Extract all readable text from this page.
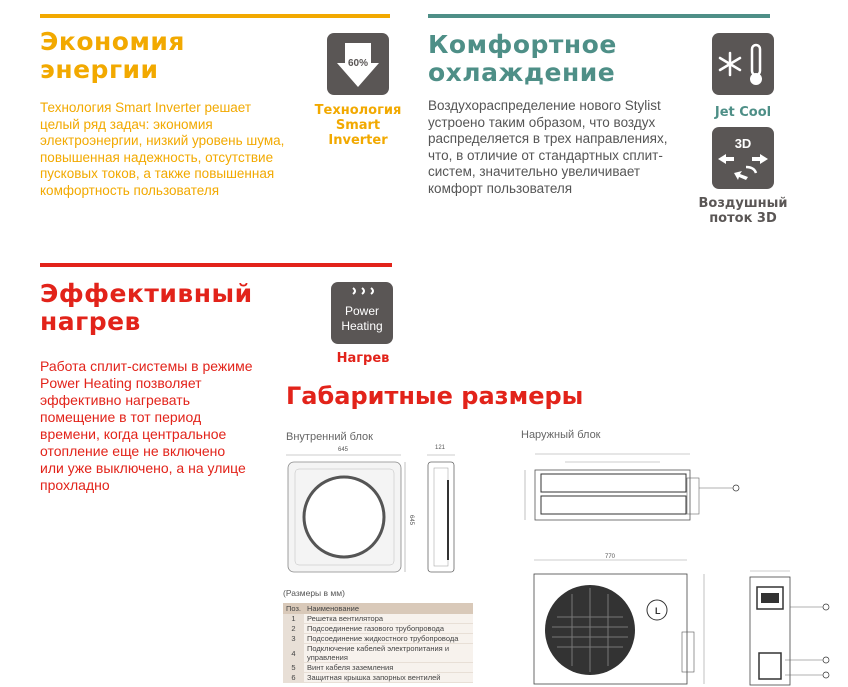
Экономия
энергии
Технология Smart Inverter решает
целый ряд задач: экономия
электроэнергии, низкий уровень шума,
повышенная надежность, отсутствие
пусковых токов, а также повышенная
комфортность пользователя
60%
Технология
Smart
Inverter
Комфортное
охлаждение
Воздухораспределение нового Stylist
устроено таким образом, что воздух
распределяется в трех направлениях,
что, в отличие от стандартных сплит-
систем, значительно увеличивает
комфорт пользователя
Jet Cool
3D
Воздушный
поток 3D
Эффективный
нагрев
Работа сплит-системы в режиме
Power Heating позволяет
эффективно нагревать
помещение в тот период
времени, когда центральное
отопление еще не включено
или уже выключено, а на улице
прохладно
Power
Heating
Нагрев
Габаритные размеры
Внутренний блок	Наружный блок
645
645
121
770
L
(Размеры в мм)
Поз.	Наименование
1	Решетка вентилятора
2	Подсоединение газового трубопровода
3	Подсоединение жидкостного трубопровода
4	Подключение кабелей электропитания и управления
5	Винт кабеля заземления
6	Защитная крышка запорных вентилей
